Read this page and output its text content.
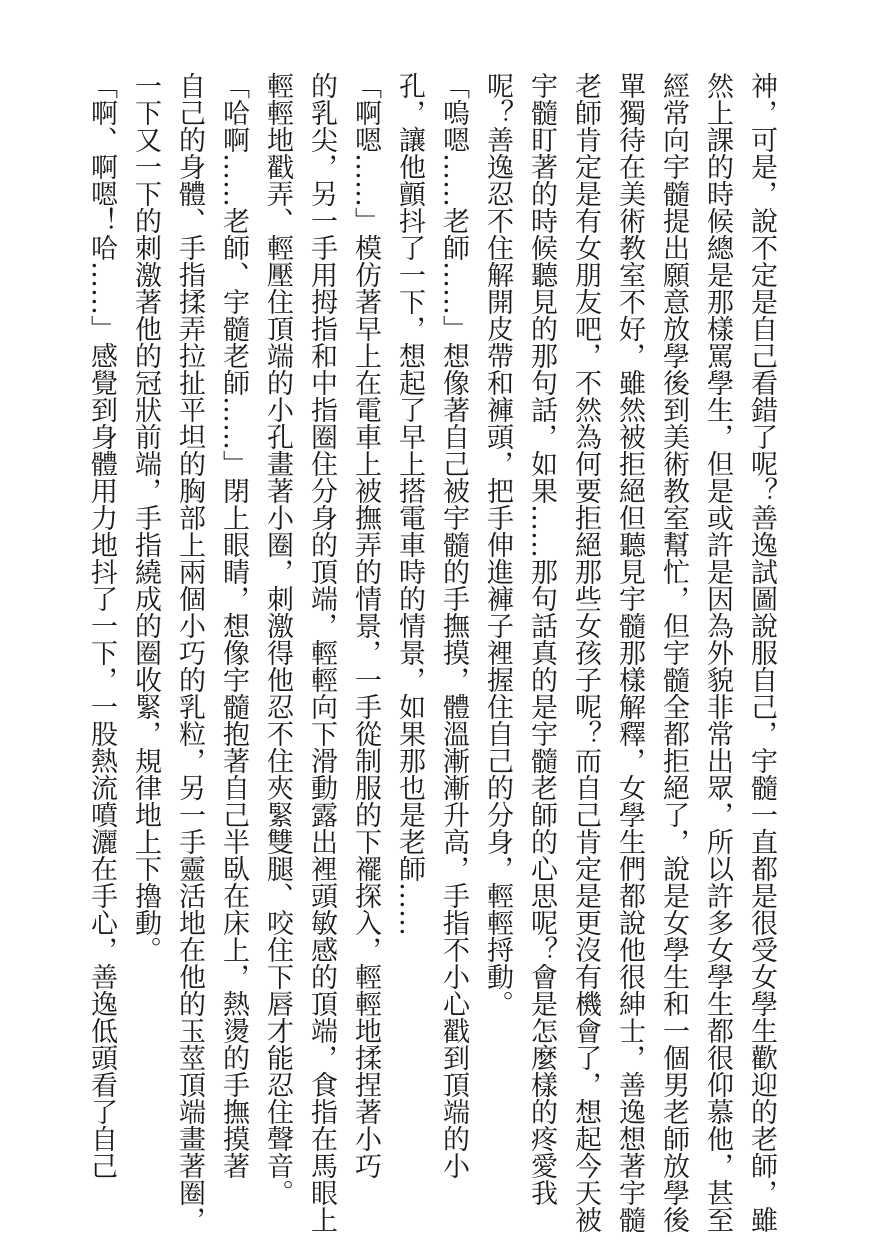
神，可是，說不定是自己看錯了呢？善逸試圖說服自己，宇髓一直都是很受女學生歡迎的老師，雖

然上課的時候總是那樣罵學生，但是或許是因為外貌非常出眾，所以許多女學生都很仰慕他，甚至

經常向宇髓提出願意放學後到美術教室幫忙，但宇髓全都拒絕了，說是女學生和一個男老師放學後

單獨待在美術教室不好，雖然被拒絕但聽見宇髓那樣解釋，女學生們都說他很紳士，善逸想著宇髓

老師肯定是有女朋友吧，不然為何要拒絕那些女孩子呢？而自己肯定是更沒有機會了，想起今天被

宇髓盯著的時候聽見的那句話，如果……那句話真的是宇髓老師的心思呢？會是怎麼樣的疼愛我

呢？善逸忍不住解開皮帶和褲頭，把手伸進褲子裡握住自己的分身，輕輕捋動。

「嗚嗯……老師……」想像著自己被宇髓的手撫摸，體溫漸漸升高，手指不小心戳到頂端的小

孔，讓他顫抖了一下，想起了早上搭電車時的情景，如果那也是老師……

「啊嗯……」模仿著早上在電車上被撫弄的情景，一手從制服的下襬探入，輕輕地揉捏著小巧

的乳尖，另一手用拇指和中指圈住分身的頂端，輕輕向下滑動露出裡頭敏感的頂端，食指在馬眼上

輕輕地戳弄、輕壓住頂端的小孔畫著小圈，刺激得他忍不住夾緊雙腿、咬住下唇才能忍住聲音。

「哈啊……老師、宇髓老師……」閉上眼睛，想像宇髓抱著自己半臥在床上，熱燙的手撫摸著

自己的身體、手指揉弄拉扯平坦的胸部上兩個小巧的乳粒，另一手靈活地在他的玉莖頂端畫著圈，

一下又一下的刺激著他的冠狀前端，手指繞成的圈收緊，規律地上下擼動。

「啊、啊嗯！哈……」感覺到身體用力地抖了一下，一股熱流噴灑在手心，善逸低頭看了自己
